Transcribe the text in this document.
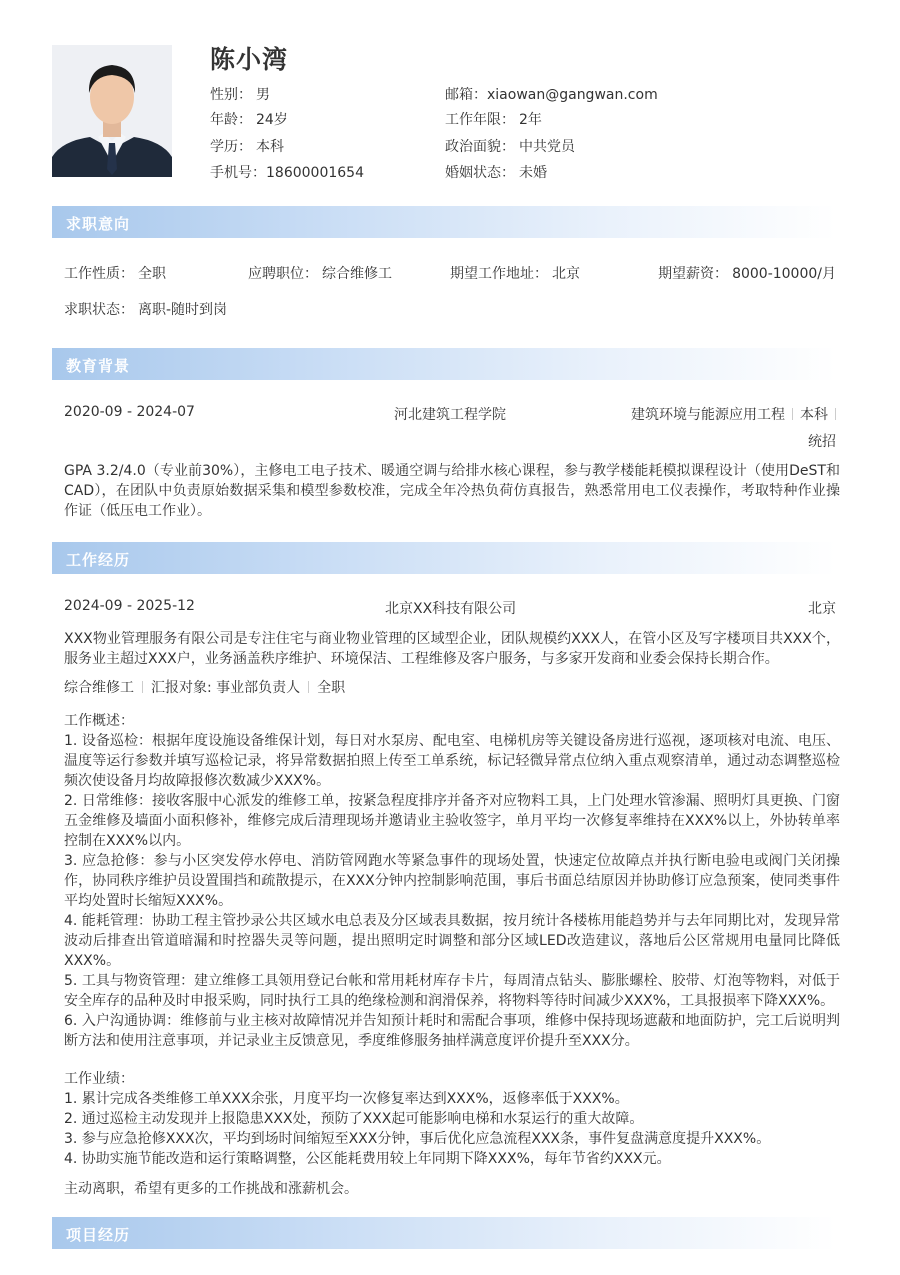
陈小湾
性别： 男	邮箱：xiaowan@gangwan.com
年龄： 24岁	工作年限： 2年
学历： 本科	政治面貌： 中共党员
手机号：18600001654	婚姻状态： 未婚
求职意向
工作性质： 全职	应聘职位： 综合维修工	期望工作地址： 北京	期望薪资： 8000-10000/月
求职状态： 离职-随时到岗
教育背景
2020-09 - 2024-07	河北建筑工程学院	建筑环境与能源应用工程 本科
统招
GPA 3.2/4.0（专业前30%），主修电工电子技术、暖通空调与给排水核心课程，参与教学楼能耗模拟课程设计（使用DeST和CAD），在团队中负责原始数据采集和模型参数校准，完成全年冷热负荷仿真报告，熟悉常用电工仪表操作，考取特种作业操作证（低压电工作业）。
工作经历
2024-09 - 2025-12	北京XX科技有限公司	北京
XXX物业管理服务有限公司是专注住宅与商业物业管理的区域型企业，团队规模约XXX人，在管小区及写字楼项目共XXX个，服务业主超过XXX户，业务涵盖秩序维护、环境保洁、工程维修及客户服务，与多家开发商和业委会保持长期合作。
综合维修工 汇报对象: 事业部负责人 全职
工作概述：
1. 设备巡检：根据年度设施设备维保计划，每日对水泵房、配电室、电梯机房等关键设备房进行巡视，逐项核对电流、电压、温度等运行参数并填写巡检记录，将异常数据拍照上传至工单系统，标记轻微异常点位纳入重点观察清单，通过动态调整巡检频次使设备月均故障报修次数减少XXX%。
2. 日常维修：接收客服中心派发的维修工单，按紧急程度排序并备齐对应物料工具，上门处理水管渗漏、照明灯具更换、门窗五金维修及墙面小面积修补，维修完成后清理现场并邀请业主验收签字，单月平均一次修复率维持在XXX%以上，外协转单率控制在XXX%以内。
3. 应急抢修：参与小区突发停水停电、消防管网跑水等紧急事件的现场处置，快速定位故障点并执行断电验电或阀门关闭操作，协同秩序维护员设置围挡和疏散提示，在XXX分钟内控制影响范围，事后书面总结原因并协助修订应急预案，使同类事件平均处置时长缩短XXX%。
4. 能耗管理：协助工程主管抄录公共区域水电总表及分区域表具数据，按月统计各楼栋用能趋势并与去年同期比对，发现异常波动后排查出管道暗漏和时控器失灵等问题，提出照明定时调整和部分区域LED改造建议，落地后公区常规用电量同比降低XXX%。
5. 工具与物资管理：建立维修工具领用登记台帐和常用耗材库存卡片，每周清点钻头、膨胀螺栓、胶带、灯泡等物料，对低于安全库存的品种及时申报采购，同时执行工具的绝缘检测和润滑保养，将物料等待时间减少XXX%，工具报损率下降XXX%。
6. 入户沟通协调：维修前与业主核对故障情况并告知预计耗时和需配合事项，维修中保持现场遮蔽和地面防护，完工后说明判断方法和使用注意事项，并记录业主反馈意见，季度维修服务抽样满意度评价提升至XXX分。
工作业绩：
1. 累计完成各类维修工单XXX余张，月度平均一次修复率达到XXX%，返修率低于XXX%。
2. 通过巡检主动发现并上报隐患XXX处，预防了XXX起可能影响电梯和水泵运行的重大故障。
3. 参与应急抢修XXX次，平均到场时间缩短至XXX分钟，事后优化应急流程XXX条，事件复盘满意度提升XXX%。
4. 协助实施节能改造和运行策略调整，公区能耗费用较上年同期下降XXX%，每年节省约XXX元。
主动离职，希望有更多的工作挑战和涨薪机会。
项目经历
